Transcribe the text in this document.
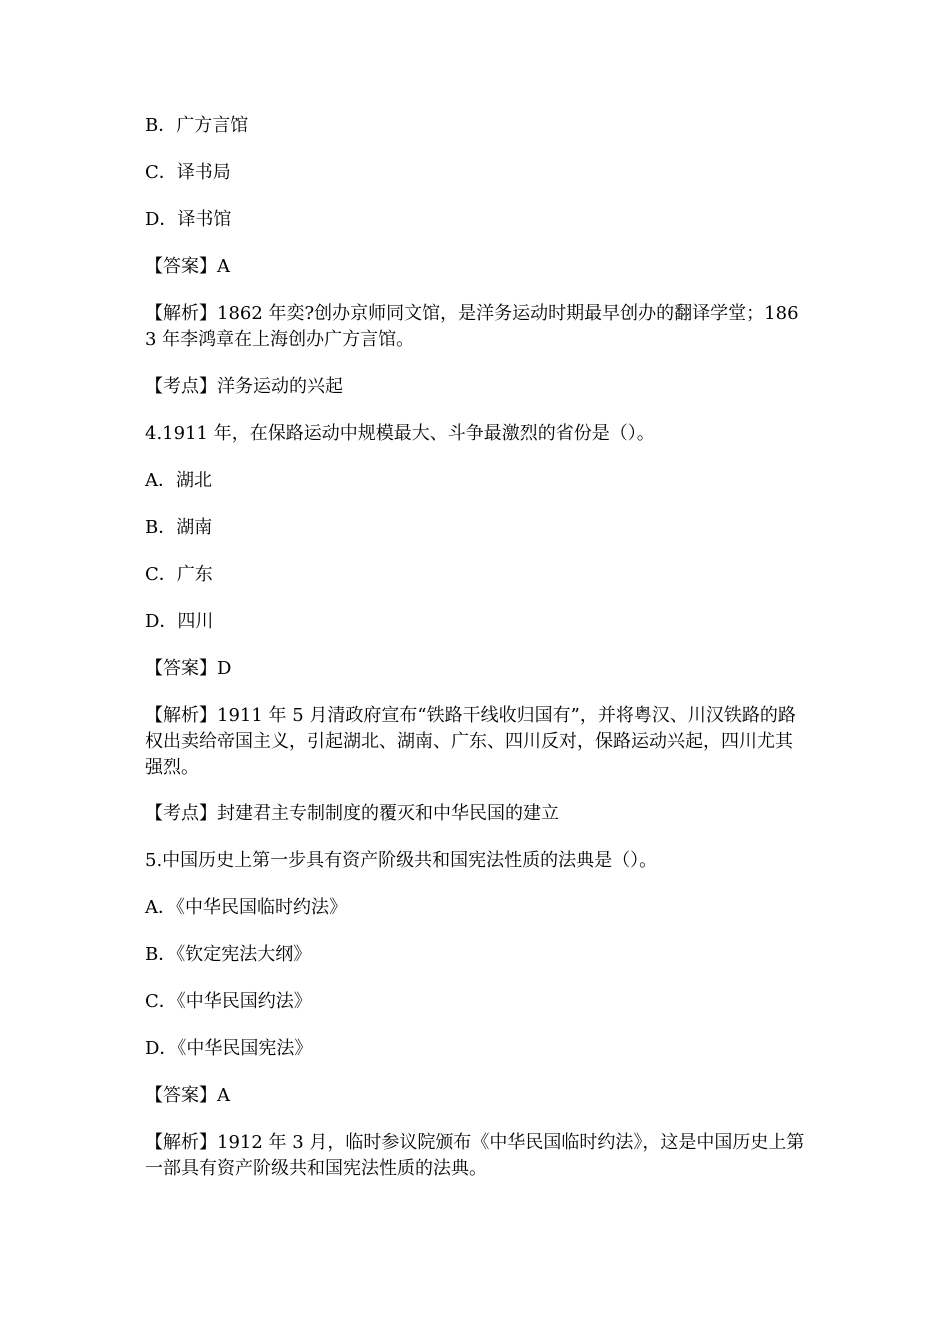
B．广方言馆
C．译书局
D．译书馆
【答案】A
【解析】1862 年奕?创办京师同文馆，是洋务运动时期最早创办的翻译学堂；1863 年李鸿章在上海创办广方言馆。
【考点】洋务运动的兴起
4.1911 年，在保路运动中规模最大、斗争最激烈的省份是（）。
A．湖北
B．湖南
C．广东
D．四川
【答案】D
【解析】1911 年 5 月清政府宣布“铁路干线收归国有”，并将粤汉、川汉铁路的路权出卖给帝国主义，引起湖北、湖南、广东、四川反对，保路运动兴起，四川尤其强烈。
【考点】封建君主专制制度的覆灭和中华民国的建立
5.中国历史上第一步具有资产阶级共和国宪法性质的法典是（）。
A．《中华民国临时约法》
B．《钦定宪法大纲》
C．《中华民国约法》
D．《中华民国宪法》
【答案】A
【解析】1912 年 3 月，临时参议院颁布《中华民国临时约法》，这是中国历史上第一部具有资产阶级共和国宪法性质的法典。
